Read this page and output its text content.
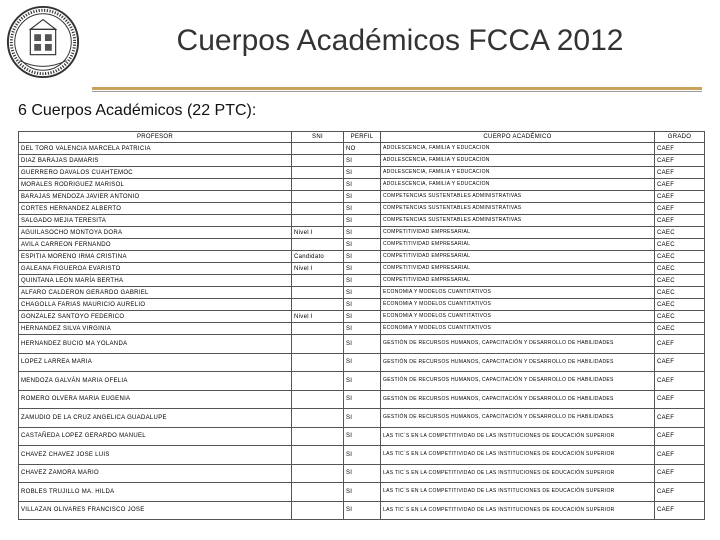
Cuerpos Académicos FCCA 2012
6 Cuerpos Académicos (22 PTC):
PROFESOR	SNI	PERFIL	CUERPO ACADÉMICO	GRADO
DEL TORO VALENCIA MARCELA PATRICIA		NO	ADOLESCENCIA, FAMILIA Y EDUCACION	CAEF
DIAZ BARAJAS DAMARIS		SI	ADOLESCENCIA, FAMILIA Y EDUCACION	CAEF
GUERRERO DAVALOS CUAHTEMOC		SI	ADOLESCENCIA, FAMILIA Y EDUCACION	CAEF
MORALES RODRIGUEZ MARISOL		SI	ADOLESCENCIA, FAMILIA Y EDUCACION	CAEF
BARAJAS MENDOZA JAVIER ANTONIO		SI	COMPETENCIAS SUSTENTABLES ADMINISTRATIVAS	CAEF
CORTES HERNANDEZ ALBERTO		SI	COMPETENCIAS SUSTENTABLES ADMINISTRATIVAS	CAEF
SALGADO MEJIA TERESITA		SI	COMPETENCIAS SUSTENTABLES ADMINISTRATIVAS	CAEF
AGUILASOCHO MONTOYA DORA	Nivel I	SI	COMPETITIVIDAD EMPRESARIAL	CAEC
AVILA CARREON FERNANDO		SI	COMPETITIVIDAD EMPRESARIAL	CAEC
ESPITIA MORENO IRMA CRISTINA	Candidato	SI	COMPETITIVIDAD EMPRESARIAL	CAEC
GALEANA FIGUEROA EVARISTO	Nivel I	SI	COMPETITIVIDAD EMPRESARIAL	CAEC
QUINTANA LEON MARÍA BERTHA		SI	COMPETITIVIDAD EMPRESARIAL	CAEC
ALFARO CALDERON GERARDO GABRIEL		SI	ECONOMIA Y MODELOS CUANTITATIVOS	CAEC
CHAGOLLA FARIAS MAURICIO AURELIO		SI	ECONOMIA Y MODELOS CUANTITATIVOS	CAEC
GONZALEZ SANTOYO FEDERICO	Nivel I	SI	ECONOMIA Y MODELOS CUANTITATIVOS	CAEC
HERNANDEZ SILVA VIRGINIA		SI	ECONOMIA Y MODELOS CUANTITATIVOS	CAEC
HERNANDEZ BUCIO MA YOLANDA		SI	GESTIÓN DE RECURSOS HUMANOS, CAPACITACIÓN Y DESARROLLO DE HABILIDADES	CAEF
LOPEZ LARREA MARIA		SI	GESTIÓN DE RECURSOS HUMANOS, CAPACITACIÓN Y DESARROLLO DE HABILIDADES	CAEF
MENDOZA GALVÁN MARIA OFELIA		SI	GESTIÓN DE RECURSOS HUMANOS, CAPACITACIÓN Y DESARROLLO DE HABILIDADES	CAEF
ROMERO OLVERA MARIA EUGENIA		SI	GESTIÓN DE RECURSOS HUMANOS, CAPACITACIÓN Y DESARROLLO DE HABILIDADES	CAEF
ZAMUDIO DE LA CRUZ ANGELICA GUADALUPE		SI	GESTIÓN DE RECURSOS HUMANOS, CAPACITACIÓN Y DESARROLLO DE HABILIDADES	CAEF
CASTAÑEDA LOPEZ GERARDO MANUEL		SI	LAS TIC´S EN LA COMPETITIVIDAD DE LAS INSTITUCIONES DE EDUCACIÓN SUPERIOR	CAEF
CHAVEZ CHAVEZ JOSE LUIS		SI	LAS TIC´S EN LA COMPETITIVIDAD DE LAS INSTITUCIONES DE EDUCACIÓN SUPERIOR	CAEF
CHAVEZ ZAMORA MARIO		SI	LAS TIC´S EN LA COMPETITIVIDAD DE LAS INSTITUCIONES DE EDUCACIÓN SUPERIOR	CAEF
ROBLES TRUJILLO MA. HILDA		SI	LAS TIC´S EN LA COMPETITIVIDAD DE LAS INSTITUCIONES DE EDUCACIÓN SUPERIOR	CAEF
VILLAZAN OLIVARES FRANCISCO JOSE		SI	LAS TIC´S EN LA COMPETITIVIDAD DE LAS INSTITUCIONES DE EDUCACIÓN SUPERIOR	CAEF
